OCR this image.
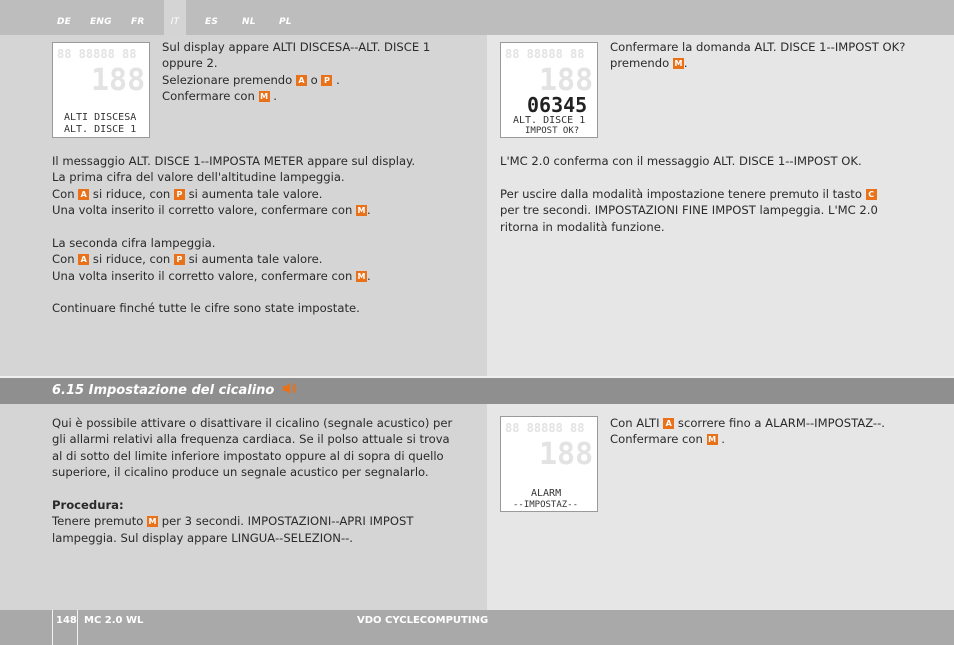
DE ENG FR	IT	ES	NL	PL
88 88888 88
188
ALTI DISCESA
ALT. DISCE 1

Sul display appare ALTI DISCESA--ALT. DISCE 1

oppure 2.

Selezionare premendo A o P .

Confermare con M .

Il messaggio ALT. DISCE 1--IMPOSTA METER appare sul display.

La prima cifra del valore dell'altitudine lampeggia.

Con A si riduce, con P si aumenta tale valore.

Una volta inserito il corretto valore, confermare con M .

La seconda cifra lampeggia.

Con A si riduce, con P si aumenta tale valore.

Una volta inserito il corretto valore, confermare con M .

Continuare finché tutte le cifre sono state impostate.

88 88888 88
188
06345
ALT. DISCE 1
IMPOST OK?

Confermare la domanda ALT. DISCE 1--IMPOST OK?

premendo M .

L'MC 2.0 conferma con il messaggio ALT. DISCE 1--IMPOST OK.

Per uscire dalla modalità impostazione tenere premuto il tasto C

per tre secondi. IMPOSTAZIONI FINE IMPOST lampeggia. L'MC 2.0

ritorna in modalità funzione.

6.15 Impostazione del cicalino

Qui è possibile attivare o disattivare il cicalino (segnale acustico) per

gli allarmi relativi alla frequenza cardiaca. Se il polso attuale si trova

al di sotto del limite inferiore impostato oppure al di sopra di quello

superiore, il cicalino produce un segnale acustico per segnalarlo.

Procedura:

Tenere premuto M per 3 secondi. IMPOSTAZIONI--APRI IMPOST

lampeggia. Sul display appare LINGUA--SELEZION--.

88 88888 88
188
ALARM
--IMPOSTAZ--

Con ALTI A scorrere fino a ALARM--IMPOSTAZ--.

Confermare con M .

148 MC 2.0 WL	VDO CYCLECOMPUTING
